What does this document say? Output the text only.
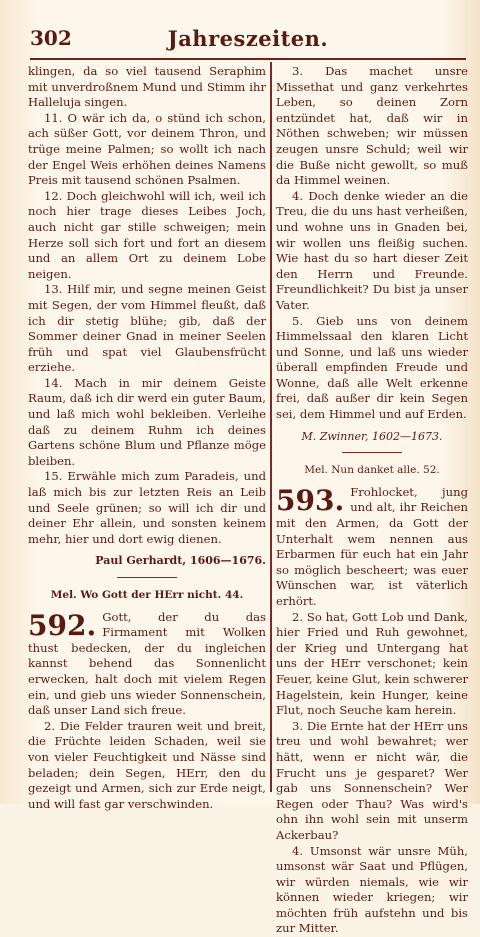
302	Jahreszeiten.

klingen, da so viel tausend Seraphim mit unverdroßnem Mund und Stimm ihr Halleluja singen.

11. O wär ich da, o stünd ich schon, ach süßer Gott, vor deinem Thron, und trüge meine Palmen; so wollt ich nach der Engel Weis erhöhen deines Namens Preis mit tausend schönen Psalmen.

12. Doch gleichwohl will ich, weil ich noch hier trage dieses Leibes Joch, auch nicht gar stille schweigen; mein Herze soll sich fort und fort an diesem und an allem Ort zu deinem Lobe neigen.

13. Hilf mir, und segne meinen Geist mit Segen, der vom Himmel fleußt, daß ich dir stetig blühe; gib, daß der Sommer deiner Gnad in meiner Seelen früh und spat viel Glaubensfrücht erziehe.

14. Mach in mir deinem Geiste Raum, daß ich dir werd ein guter Baum, und laß mich wohl bekleiben. Verleihe daß zu deinem Ruhm ich deines Gartens schöne Blum und Pflanze möge bleiben.

15. Erwähle mich zum Paradeis, und laß mich bis zur letzten Reis an Leib und Seele grünen; so will ich dir und deiner Ehr allein, und sonsten keinem mehr, hier und dort ewig dienen.

Paul Gerhardt, 1606—1676.
Mel. Wo Gott der HErr nicht. 44.

592. Gott, der du das Firmament mit Wolken thust bedecken, der du ingleichen kannst behend das Sonnenlicht erwecken, halt doch mit vielem Regen ein, und gieb uns wieder Sonnenschein, daß unser Land sich freue.

2. Die Felder trauren weit und breit, die Früchte leiden Schaden, weil sie von vieler Feuchtigkeit und Nässe sind beladen; dein Segen, HErr, den du gezeigt und Armen, sich zur Erde neigt, und will fast gar verschwinden.

3. Das machet unsre Missethat und ganz verkehrtes Leben, so deinen Zorn entzündet hat, daß wir in Nöthen schweben; wir müssen zeugen unsre Schuld; weil wir die Buße nicht gewollt, so muß da Himmel weinen.

4. Doch denke wieder an die Treu, die du uns hast verheißen, und wohne uns in Gnaden bei, wir wollen uns fleißig suchen. Wie hast du so hart dieser Zeit den Herrn und Freunde. Freundlichkeit? Du bist ja unser Vater.

5. Gieb uns von deinem Himmelssaal den klaren Licht und Sonne, und laß uns wieder überall empfinden Freude und Wonne, daß alle Welt erkenne frei, daß außer dir kein Segen sei, dem Himmel und auf Erden.

M. Zwinner, 1602—1673.
Mel. Nun danket alle. 52.

593. Frohlocket, jung und alt, ihr Reichen mit den Armen, da Gott der Unterhalt wem nennen aus Erbarmen für euch hat ein Jahr so möglich bescheert; was euer Wünschen war, ist väterlich erhört.

2. So hat, Gott Lob und Dank, hier Fried und Ruh gewohnet, der Krieg und Untergang hat uns der HErr verschonet; kein Feuer, keine Glut, kein schwerer Hagelstein, kein Hunger, keine Flut, noch Seuche kam herein.

3. Die Ernte hat der HErr uns treu und wohl bewahret; wer hätt, wenn er nicht wär, die Frucht uns je gesparet? Wer gab uns Sonnenschein? Wer Regen oder Thau? Was wird's ohn ihn wohl sein mit unserm Ackerbau?

4. Umsonst wär unsre Müh, umsonst wär Saat und Pflügen, wir würden niemals, wie wir können wieder kriegen; wir möchten früh aufstehn und bis zur Mitter.
